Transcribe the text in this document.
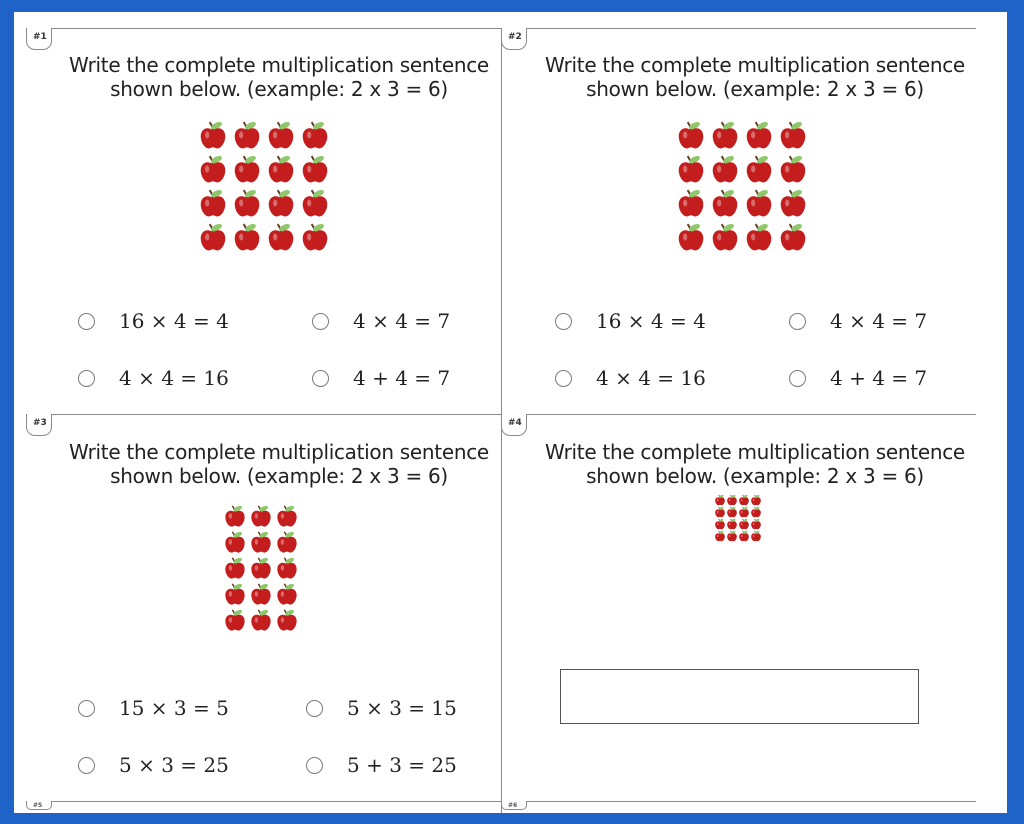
#1
Write the complete multiplication sentence
shown below. (example: 2 x 3 = 6)
16 × 4 = 4	4 × 4 = 7
4 × 4 = 16	4 + 4 = 7
#2
Write the complete multiplication sentence
shown below. (example: 2 x 3 = 6)
16 × 4 = 4	4 × 4 = 7
4 × 4 = 16	4 + 4 = 7
#3
Write the complete multiplication sentence
shown below. (example: 2 x 3 = 6)
15 × 3 = 5	5 × 3 = 15
5 × 3 = 25	5 + 3 = 25
#4
Write the complete multiplication sentence
shown below. (example: 2 x 3 = 6)
#5	#6
